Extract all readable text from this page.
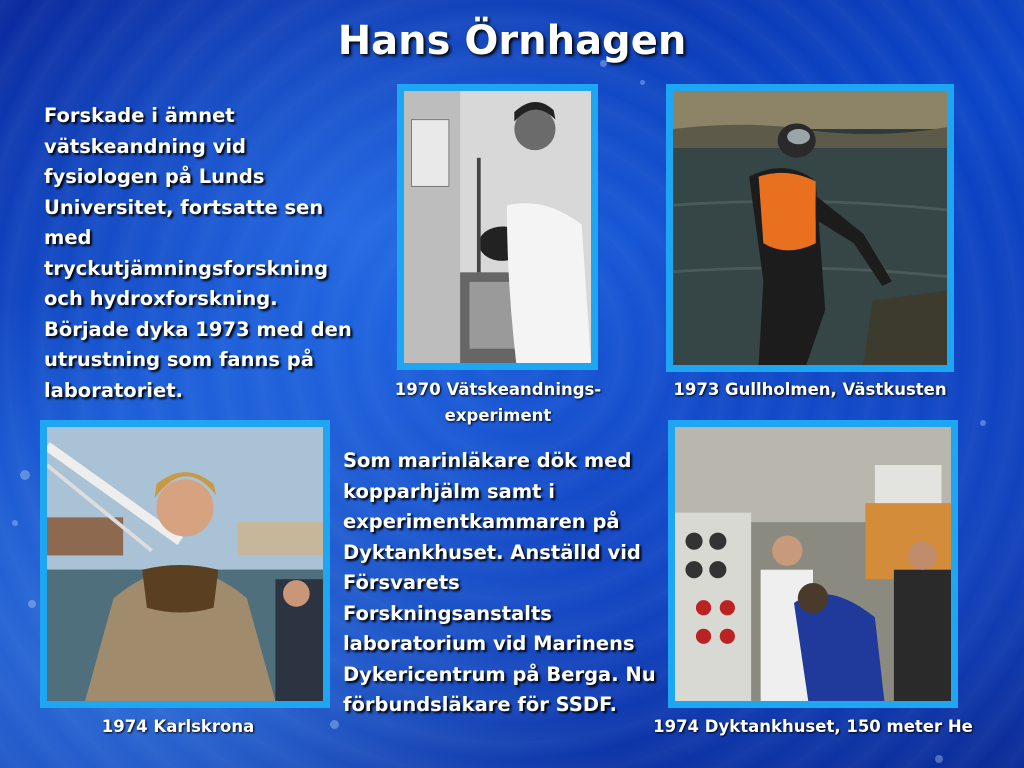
Hans Örnhagen
Forskade i ämnet
vätskeandning vid
fysiologen på Lunds
Universitet, fortsatte sen
med
tryckutjämningsforskning
och hydroxforskning.
Började dyka 1973 med den
utrustning som fanns på
laboratoriet.
Som marinläkare dök med
kopparhjälm samt i
experimentkammaren på
Dyktankhuset. Anställd vid
Försvarets
Forskningsanstalts
laboratorium vid Marinens
Dykericentrum på Berga. Nu
förbundsläkare för SSDF.
1970 Vätskeandnings-
experiment
1973 Gullholmen, Västkusten
1974 Karlskrona	1974 Dyktankhuset, 150 meter He
